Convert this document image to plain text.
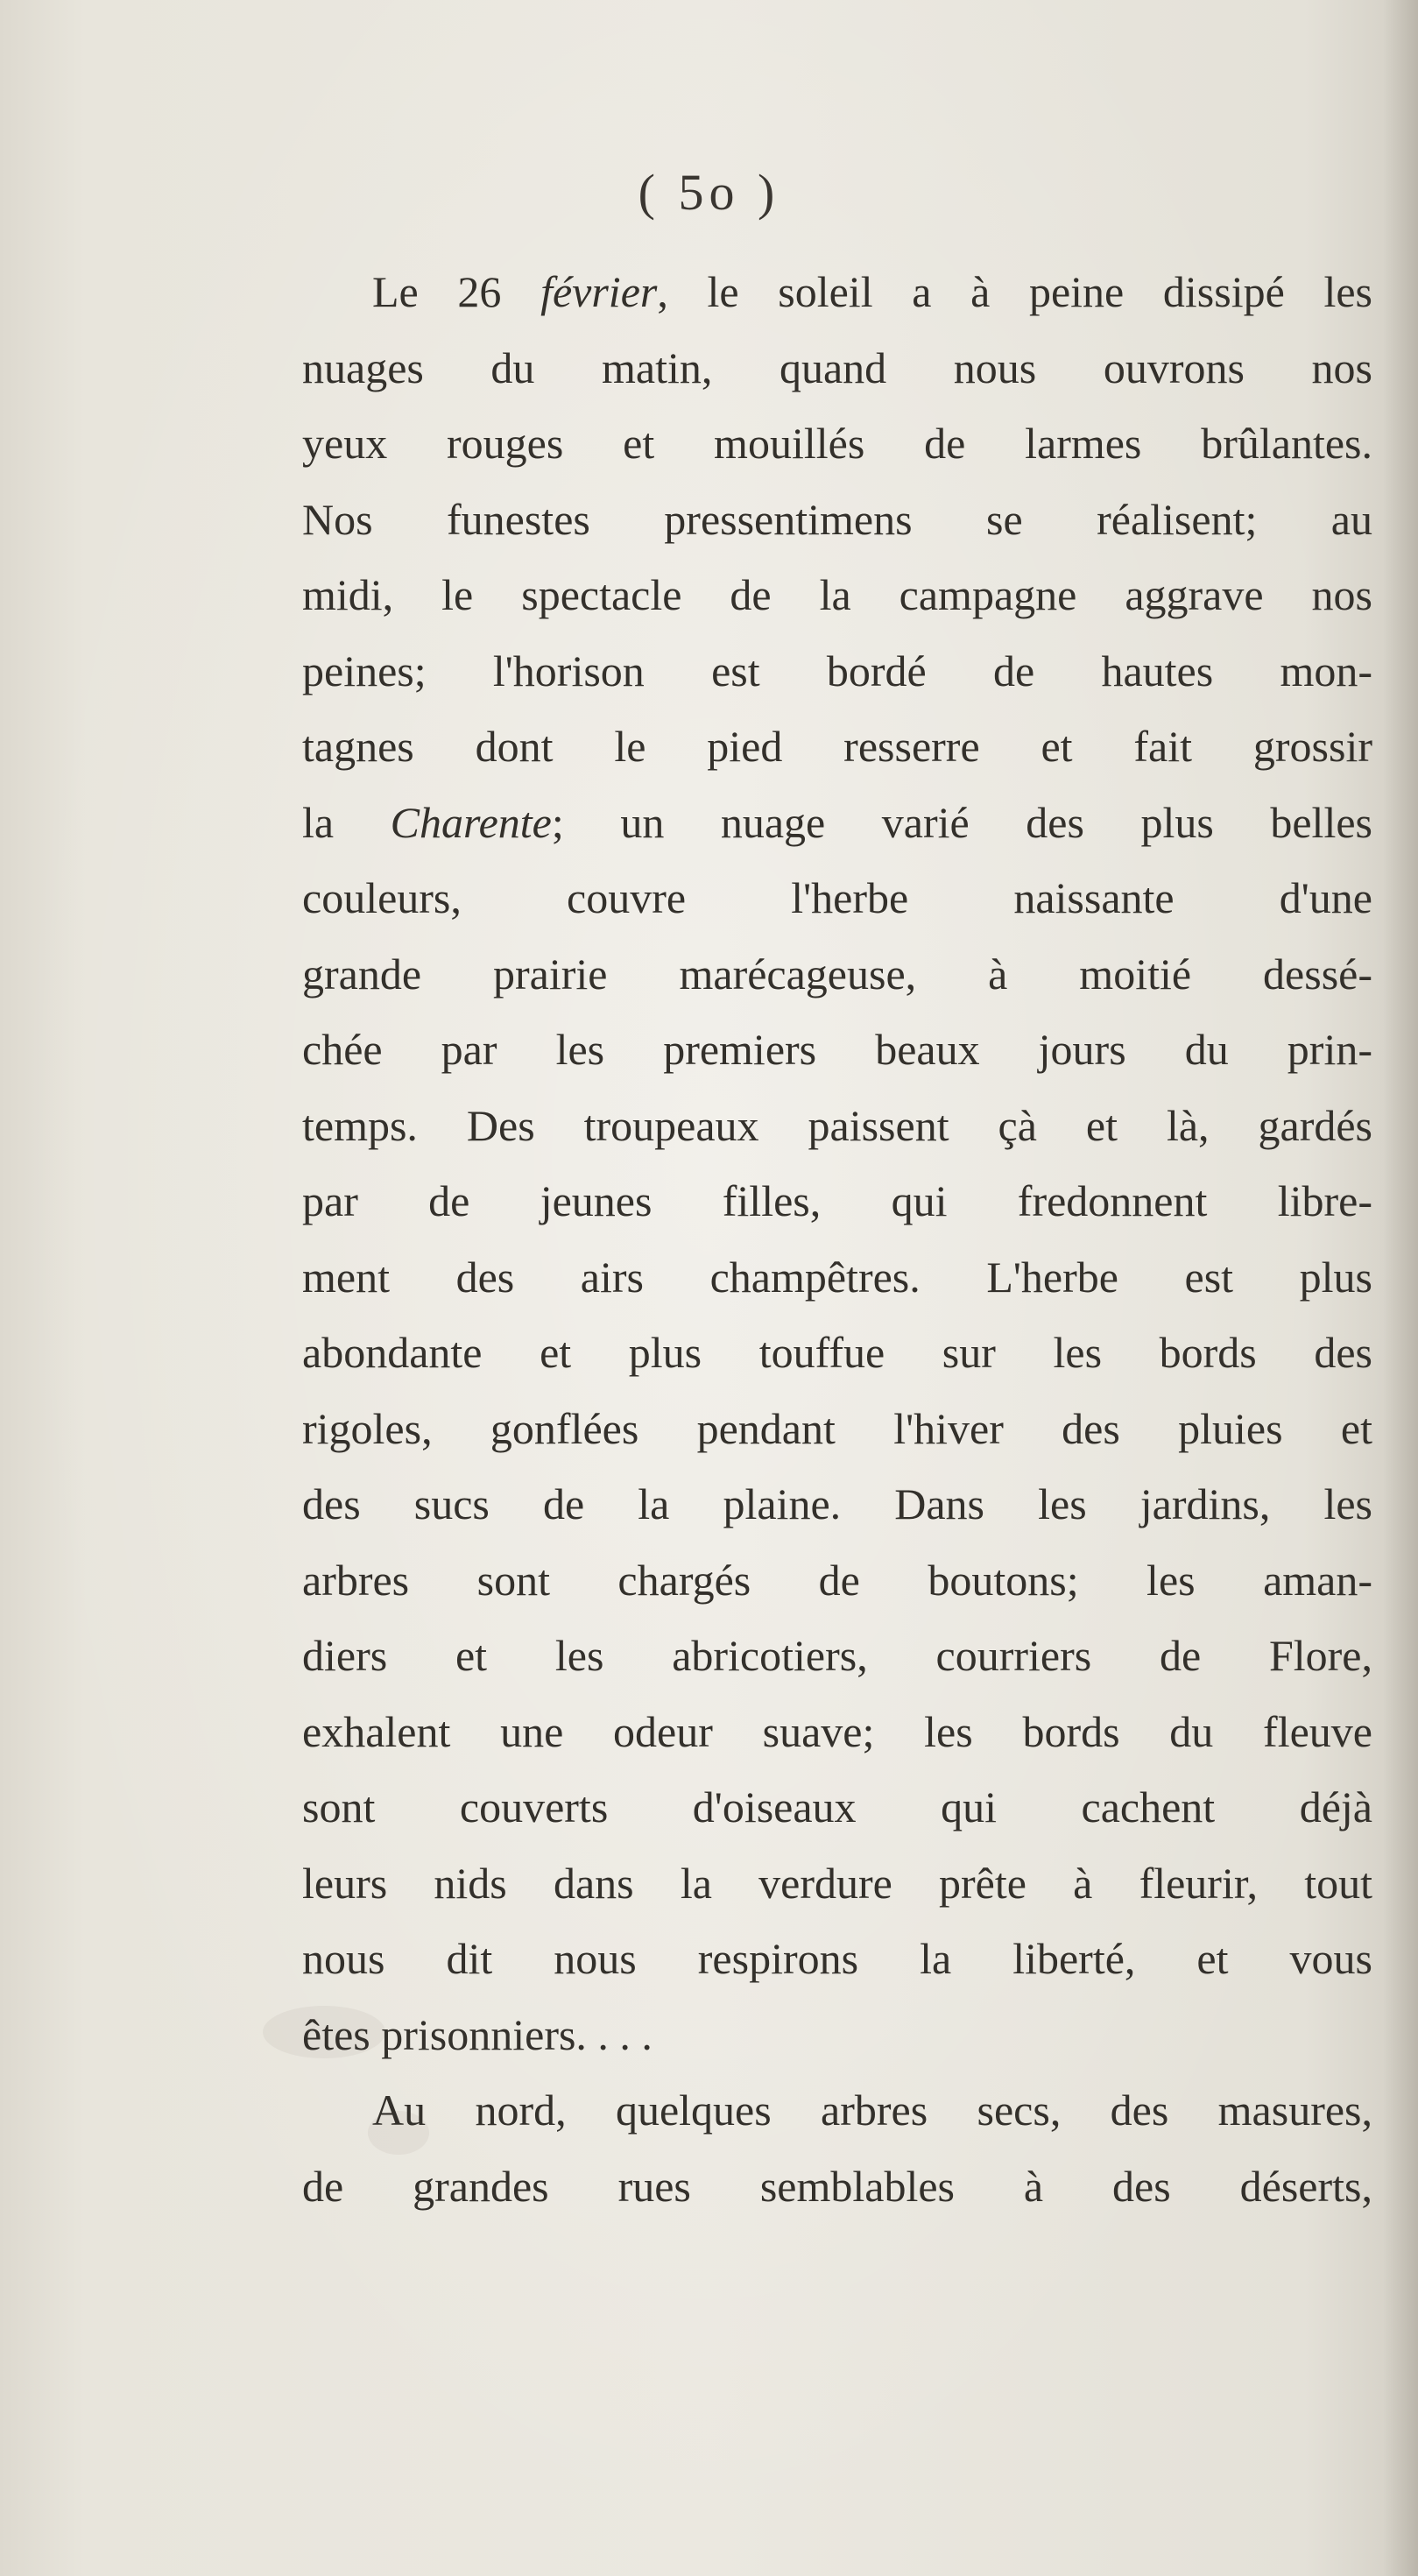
( 5o )
Le 26 février, le soleil a à peine dissipé les
nuages du matin, quand nous ouvrons nos
yeux rouges et mouillés de larmes brûlantes.
Nos funestes pressentimens se réalisent; au
midi, le spectacle de la campagne aggrave nos
peines; l'horison est bordé de hautes mon-
tagnes dont le pied resserre et fait grossir
la Charente; un nuage varié des plus belles
couleurs, couvre l'herbe naissante d'une
grande prairie marécageuse, à moitié dessé-
chée par les premiers beaux jours du prin-
temps. Des troupeaux paissent çà et là, gardés
par de jeunes filles, qui fredonnent libre-
ment des airs champêtres. L'herbe est plus
abondante et plus touffue sur les bords des
rigoles, gonflées pendant l'hiver des pluies et
des sucs de la plaine. Dans les jardins, les
arbres sont chargés de boutons; les aman-
diers et les abricotiers, courriers de Flore,
exhalent une odeur suave; les bords du fleuve
sont couverts d'oiseaux qui cachent déjà
leurs nids dans la verdure prête à fleurir, tout
nous dit nous respirons la liberté, et vous
êtes prisonniers. . . .
Au nord, quelques arbres secs, des masures,
de grandes rues semblables à des déserts,
